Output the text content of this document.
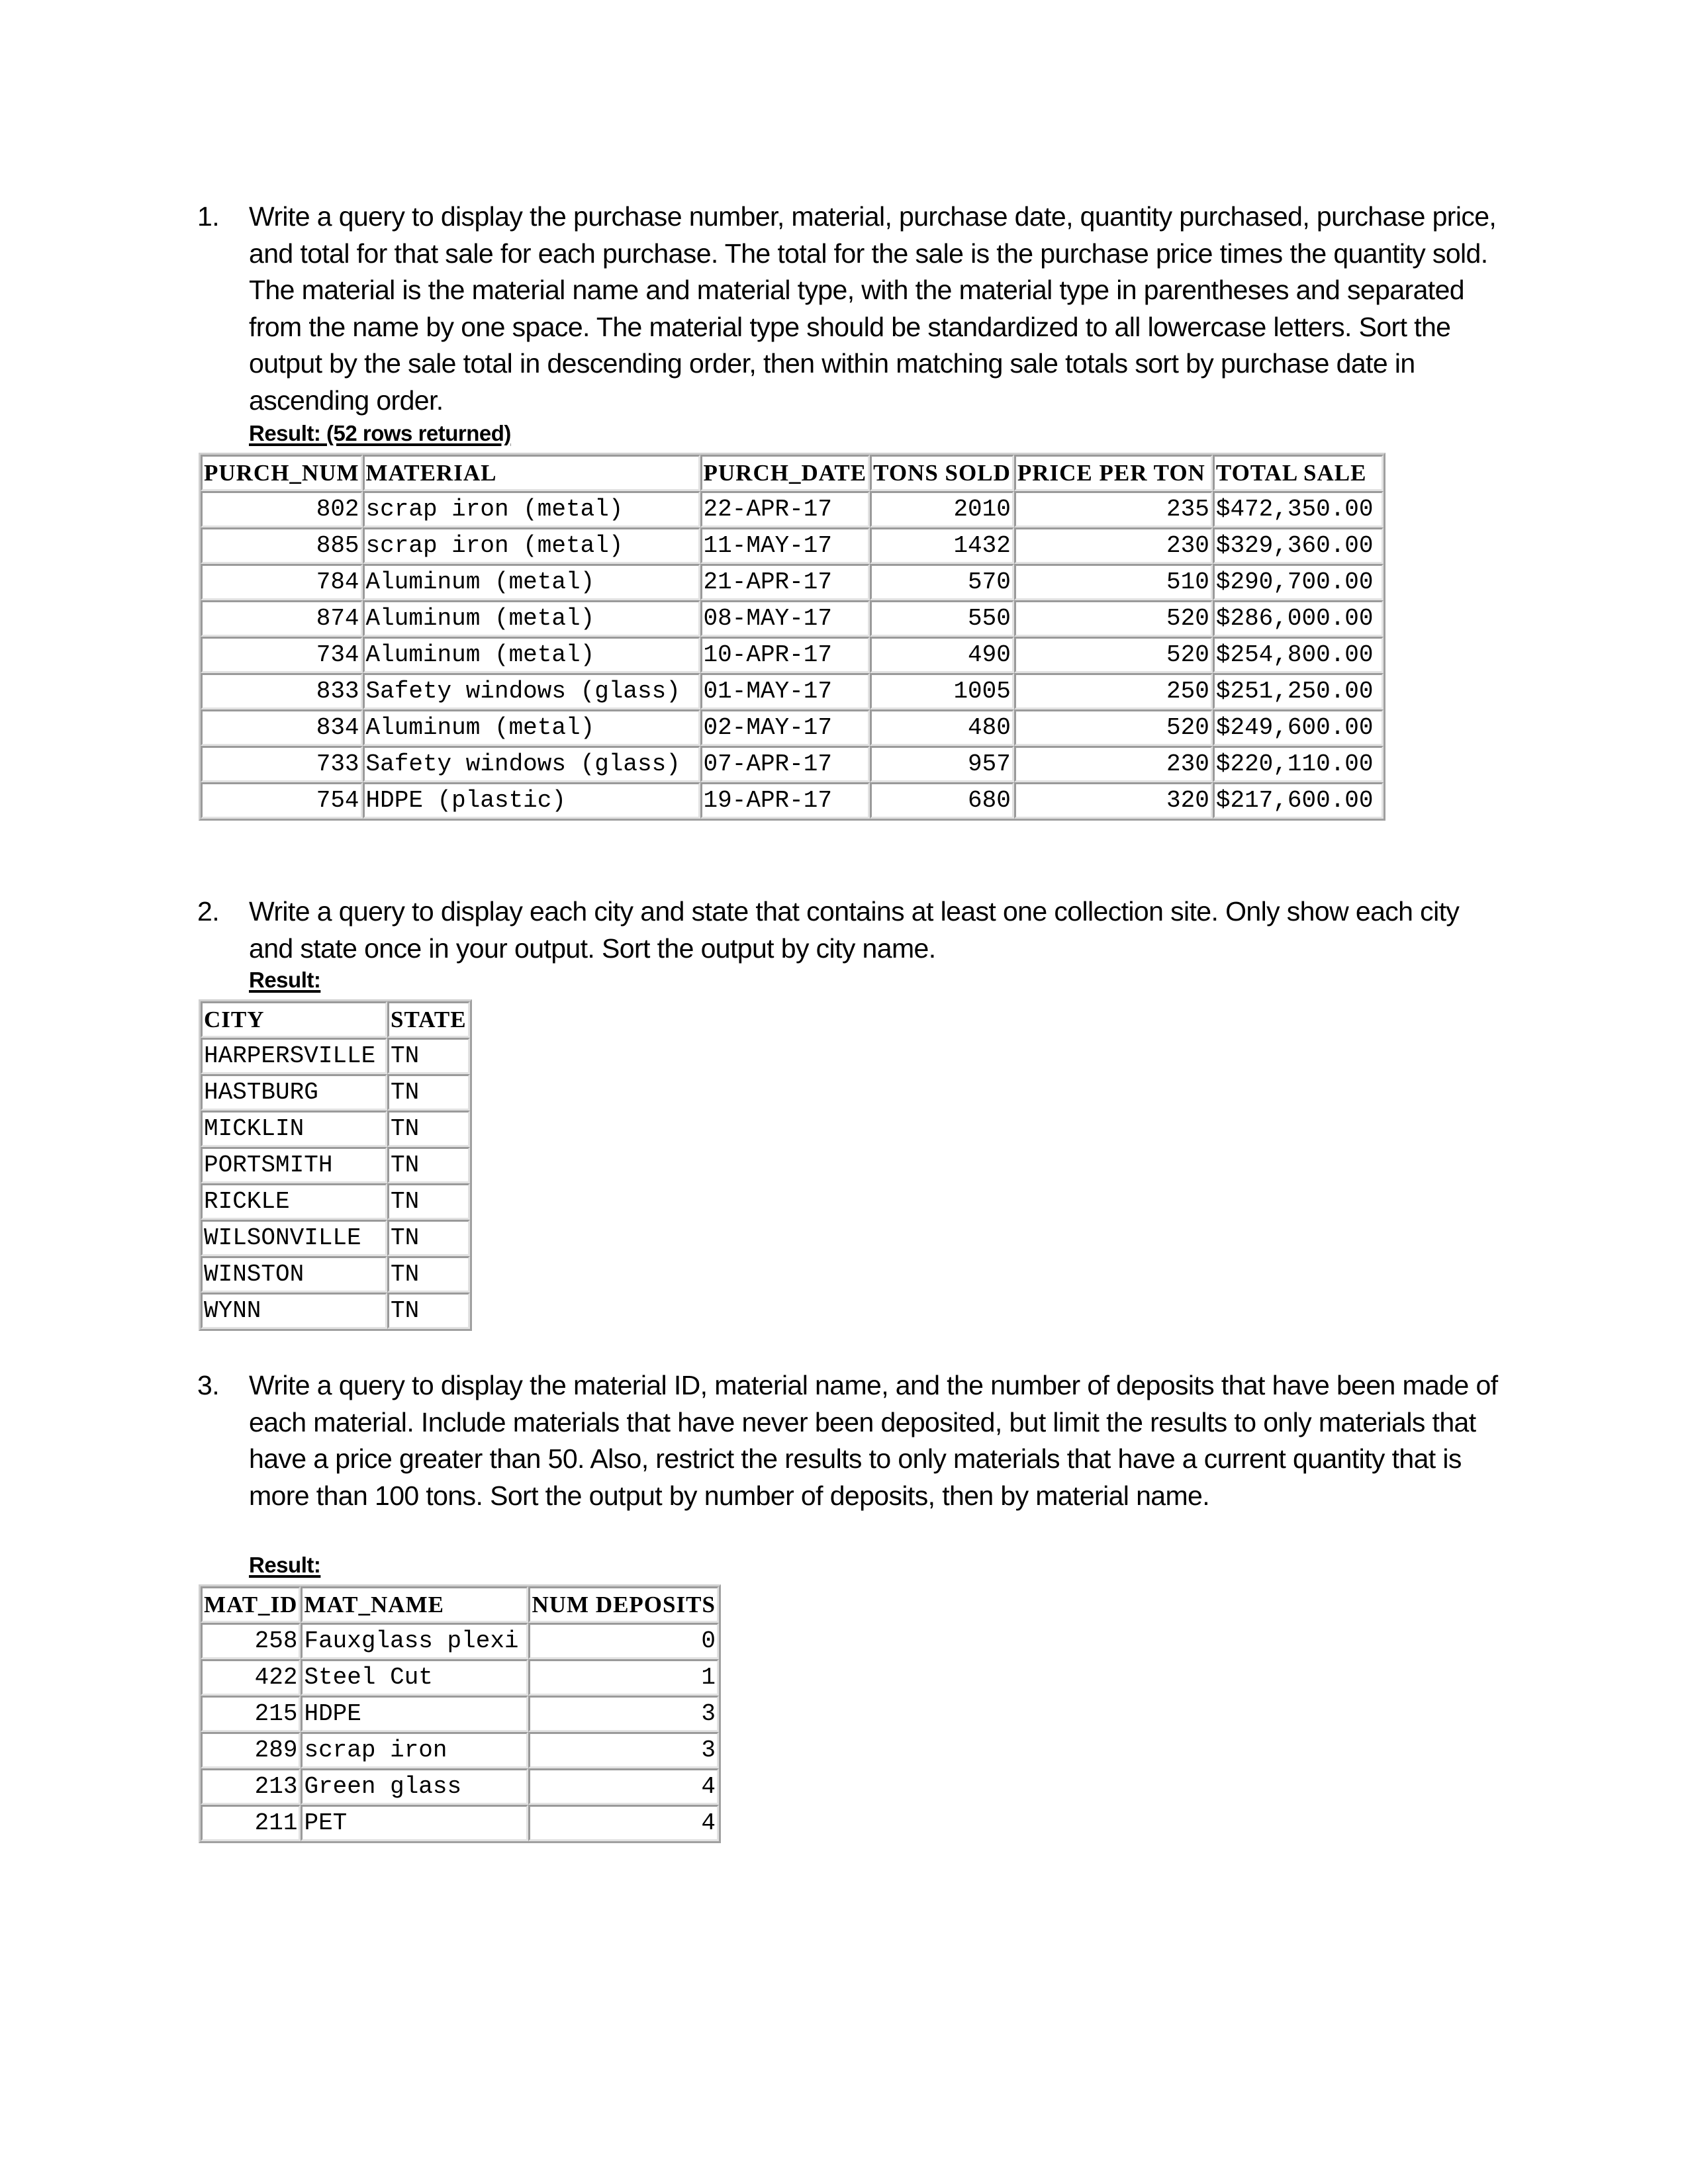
1.	Write a query to display the purchase number, material, purchase date, quantity purchased, purchase price, and total for that sale for each purchase. The total for the sale is the purchase price times the quantity sold. The material is the material name and material type, with the material type in parentheses and separated from the name by one space. The material type should be standardized to all lowercase letters. Sort the output by the sale total in descending order, then within matching sale totals sort by purchase date in ascending order.
Result: (52 rows returned)
PURCH_NUM	MATERIAL	PURCH_DATE	TONS SOLD	PRICE PER TON	TOTAL SALE
802	scrap iron (metal)	22-APR-17	2010	235	$472,350.00
885	scrap iron (metal)	11-MAY-17	1432	230	$329,360.00
784	Aluminum (metal)	21-APR-17	570	510	$290,700.00
874	Aluminum (metal)	08-MAY-17	550	520	$286,000.00
734	Aluminum (metal)	10-APR-17	490	520	$254,800.00
833	Safety windows (glass)	01-MAY-17	1005	250	$251,250.00
834	Aluminum (metal)	02-MAY-17	480	520	$249,600.00
733	Safety windows (glass)	07-APR-17	957	230	$220,110.00
754	HDPE (plastic)	19-APR-17	680	320	$217,600.00
2.	Write a query to display each city and state that contains at least one collection site. Only show each city and state once in your output. Sort the output by city name.
Result:
CITY	STATE
HARPERSVILLE	TN
HASTBURG	TN
MICKLIN	TN
PORTSMITH	TN
RICKLE	TN
WILSONVILLE	TN
WINSTON	TN
WYNN	TN
3.	Write a query to display the material ID, material name, and the number of deposits that have been made of each material. Include materials that have never been deposited, but limit the results to only materials that have a price greater than 50. Also, restrict the results to only materials that have a current quantity that is more than 100 tons. Sort the output by number of deposits, then by material name.
Result:
MAT_ID	MAT_NAME	NUM DEPOSITS
258	Fauxglass plexi	0
422	Steel Cut	1
215	HDPE	3
289	scrap iron	3
213	Green glass	4
211	PET	4
